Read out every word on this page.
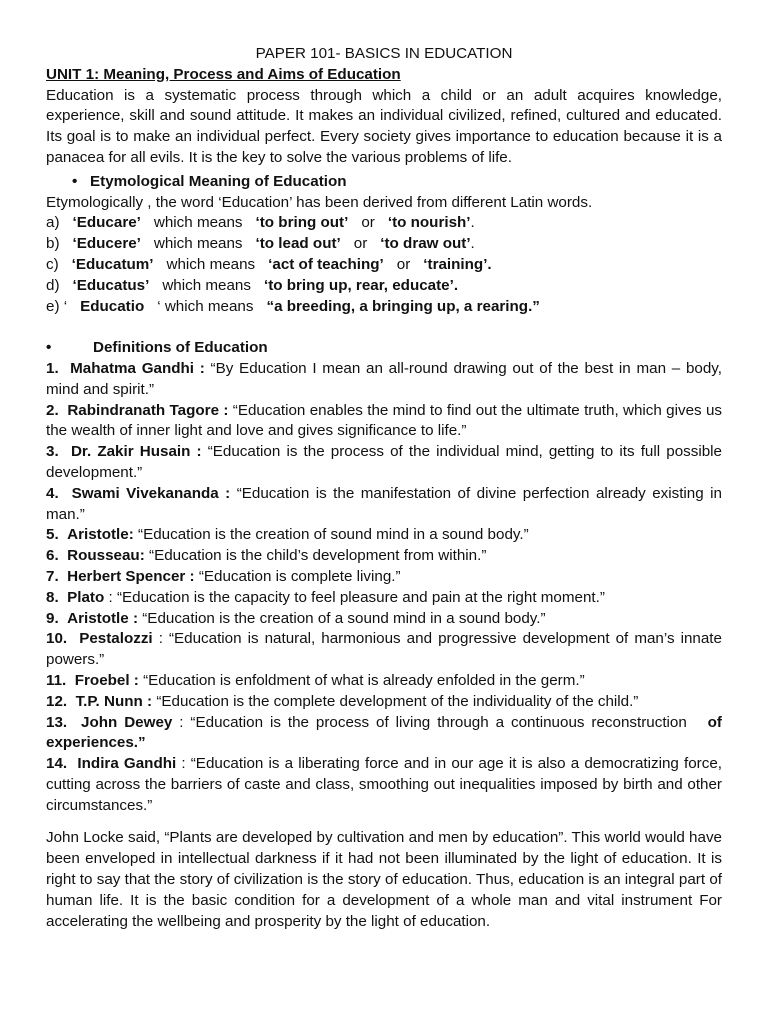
PAPER 101- BASICS IN EDUCATION
UNIT 1: Meaning, Process and Aims of Education
Education is a systematic process through which a child or an adult acquires knowledge, experience, skill and sound attitude. It makes an individual civilized, refined, cultured and educated. Its goal is to make an individual perfect. Every society gives importance to education because it is a panacea for all evils. It is the key to solve the various problems of life.
• Etymological Meaning of Education
Etymologically , the word ‘Education’ has been derived from different Latin words.
a) ‘Educare’ which means ‘to bring out’ or ‘to nourish’.
b) ‘Educere’ which means ‘to lead out’ or ‘to draw out’.
c) ‘Educatum’ which means ‘act of teaching’ or ‘training’.
d) ‘Educatus’ which means ‘to bring up, rear, educate’.
e) ‘ Educatio ‘ which means “a breeding, a bringing up, a rearing.”
•	Definitions of Education
1. Mahatma Gandhi : “By Education I mean an all-round drawing out of the best in man – body, mind and spirit.”
2. Rabindranath Tagore : “Education enables the mind to find out the ultimate truth, which gives us the wealth of inner light and love and gives significance to life.”
3. Dr. Zakir Husain : “Education is the process of the individual mind, getting to its full possible development.”
4. Swami Vivekananda : “Education is the manifestation of divine perfection already existing in man.”
5. Aristotle: “Education is the creation of sound mind in a sound body.”
6. Rousseau: “Education is the child’s development from within.”
7. Herbert Spencer : “Education is complete living.”
8. Plato : “Education is the capacity to feel pleasure and pain at the right moment.”
9. Aristotle : “Education is the creation of a sound mind in a sound body.”
10. Pestalozzi : “Education is natural, harmonious and progressive development of man’s innate powers.”
11. Froebel : “Education is enfoldment of what is already enfolded in the germ.”
12. T.P. Nunn : “Education is the complete development of the individuality of the child.”
13. John Dewey : “Education is the process of living through a continuous reconstruction of experiences.”
14. Indira Gandhi : “Education is a liberating force and in our age it is also a democratizing force, cutting across the barriers of caste and class, smoothing out inequalities imposed by birth and other circumstances.”
John Locke said, “Plants are developed by cultivation and men by education”. This world would have been enveloped in intellectual darkness if it had not been illuminated by the light of education. It is right to say that the story of civilization is the story of education. Thus, education is an integral part of human life. It is the basic condition for a development of a whole man and vital instrument For accelerating the wellbeing and prosperity by the light of education.
